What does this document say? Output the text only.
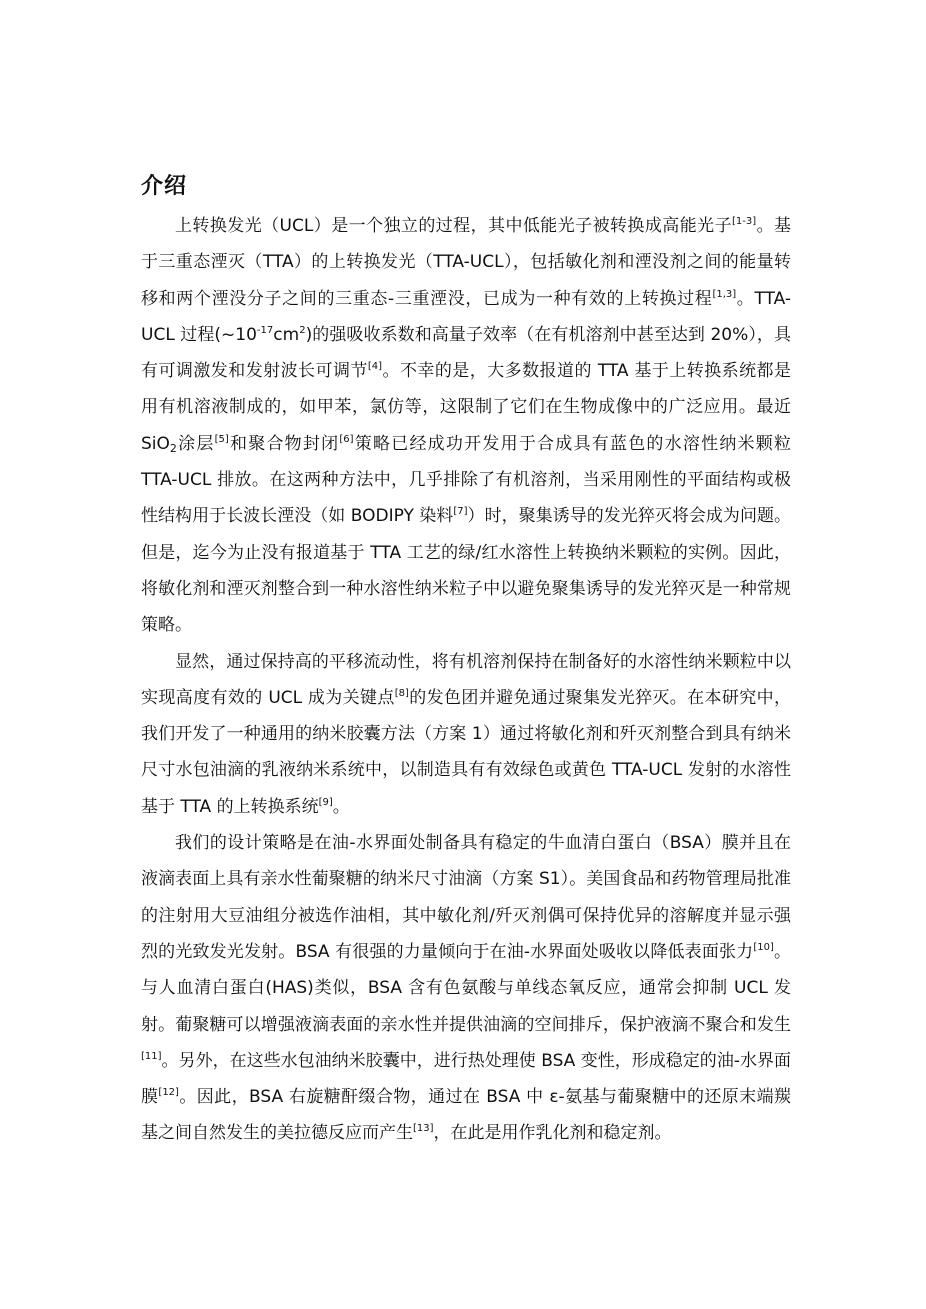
介绍

上转换发光（UCL）是一个独立的过程，其中低能光子被转换成高能光子[1-3]。基于三重态湮灭（TTA）的上转换发光（TTA-UCL），包括敏化剂和湮没剂之间的能量转移和两个湮没分子之间的三重态-三重湮没，已成为一种有效的上转换过程[1,3]。TTA-UCL 过程$(\sim 10^{-17}cm^2)$的强吸收系数和高量子效率（在有机溶剂中甚至达到 20%），具有可调激发和发射波长可调节[4]。不幸的是，大多数报道的 TTA 基于上转换系统都是用有机溶液制成的，如甲苯，氯仿等，这限制了它们在生物成像中的广泛应用。最近 SiO$_2$涂层[5]和聚合物封闭[6]策略已经成功开发用于合成具有蓝色的水溶性纳米颗粒 TTA-UCL 排放。在这两种方法中，几乎排除了有机溶剂，当采用刚性的平面结构或极性结构用于长波长湮没（如 BODIPY 染料[7]）时，聚集诱导的发光猝灭将会成为问题。但是，迄今为止没有报道基于 TTA 工艺的绿/红水溶性上转换纳米颗粒的实例。因此，将敏化剂和湮灭剂整合到一种水溶性纳米粒子中以避免聚集诱导的发光猝灭是一种常规策略。

显然，通过保持高的平移流动性，将有机溶剂保持在制备好的水溶性纳米颗粒中以实现高度有效的 UCL 成为关键点[8]的发色团并避免通过聚集发光猝灭。在本研究中，我们开发了一种通用的纳米胶囊方法（方案 1）通过将敏化剂和歼灭剂整合到具有纳米尺寸水包油滴的乳液纳米系统中，以制造具有有效绿色或黄色 TTA-UCL 发射的水溶性基于 TTA 的上转换系统[9]。

我们的设计策略是在油-水界面处制备具有稳定的牛血清白蛋白（BSA）膜并且在液滴表面上具有亲水性葡聚糖的纳米尺寸油滴（方案 S1）。美国食品和药物管理局批准的注射用大豆油组分被选作油相，其中敏化剂/歼灭剂偶可保持优异的溶解度并显示强烈的光致发光发射。BSA 有很强的力量倾向于在油-水界面处吸收以降低表面张力[10]。与人血清白蛋白(HAS)类似，BSA 含有色氨酸与单线态氧反应，通常会抑制 UCL 发射。葡聚糖可以增强液滴表面的亲水性并提供油滴的空间排斥，保护液滴不聚合和发生[11]。另外，在这些水包油纳米胶囊中，进行热处理使 BSA 变性，形成稳定的油-水界面膜[12]。因此，BSA 右旋糖酐缀合物，通过在 BSA 中 ε-氨基与葡聚糖中的还原末端羰基之间自然发生的美拉德反应而产生[13]，在此是用作乳化剂和稳定剂。
